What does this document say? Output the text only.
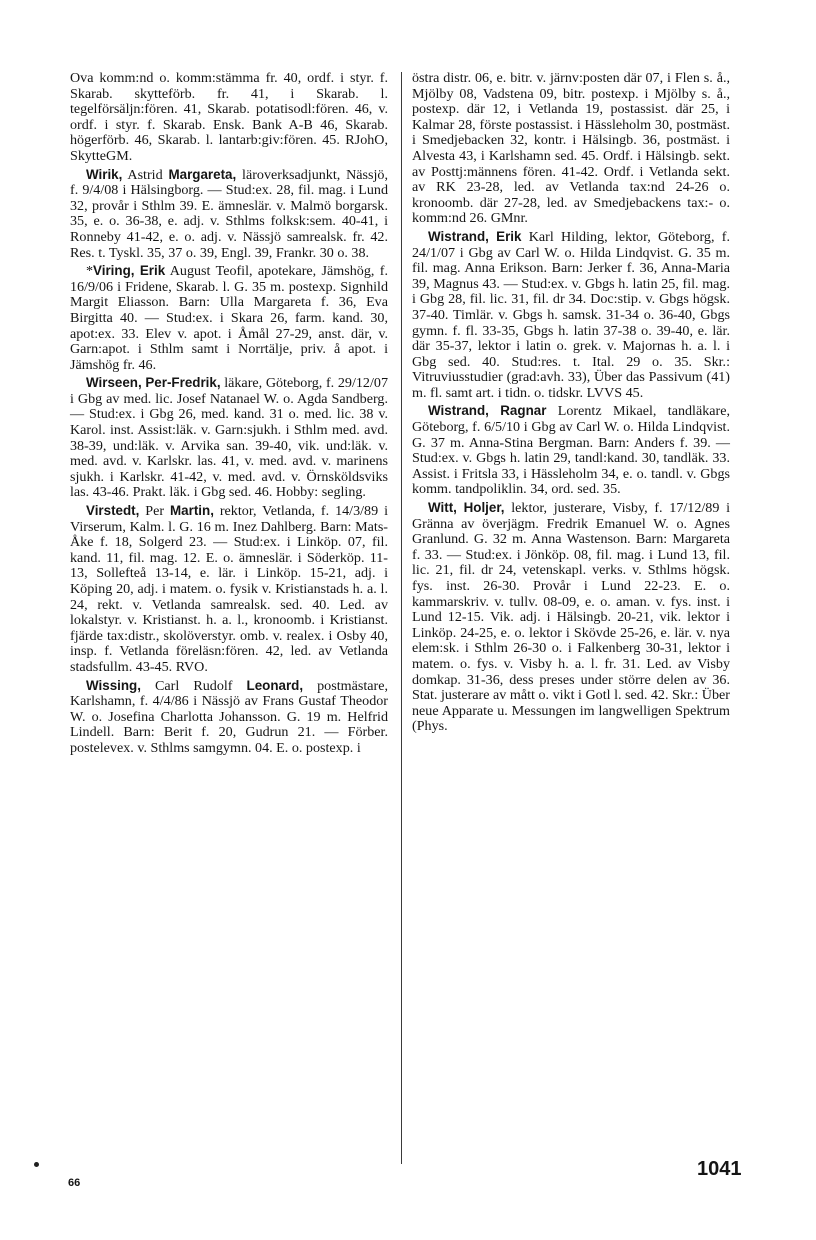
Ova komm:nd o. komm:stämma fr. 40, ordf. i styr. f. Skarab. skytteförb. fr. 41, i Skarab. l. tegelförsäljn:fören. 41, Skarab. potatisodl:fören. 46, v. ordf. i styr. f. Skarab. Ensk. Bank A-B 46, Skarab. högerförb. 46, Skarab. l. lantarb:giv:fören. 45. RJohO, SkytteGM.

Wirik, Astrid Margareta, läroverksadjunkt, Nässjö, f. 9/4/08 i Hälsingborg. — Stud:ex. 28, fil. mag. i Lund 32, provår i Sthlm 39. E. ämneslär. v. Malmö borgarsk. 35, e. o. 36-38, e. adj. v. Sthlms folksk:sem. 40-41, i Ronneby 41-42, e. o. adj. v. Nässjö samrealsk. fr. 42. Res. t. Tyskl. 35, 37 o. 39, Engl. 39, Frankr. 30 o. 38.

*Viring, Erik August Teofil, apotekare, Jämshög, f. 16/9/06 i Fridene, Skarab. l. G. 35 m. postexp. Signhild Margit Eliasson. Barn: Ulla Margareta f. 36, Eva Birgitta 40. — Stud:ex. i Skara 26, farm. kand. 30, apot:ex. 33. Elev v. apot. i Åmål 27-29, anst. där, v. Garn:apot. i Sthlm samt i Norrtälje, priv. å apot. i Jämshög fr. 46.

Wirseen, Per-Fredrik, läkare, Göteborg, f. 29/12/07 i Gbg av med. lic. Josef Natanael W. o. Agda Sandberg. — Stud:ex. i Gbg 26, med. kand. 31 o. med. lic. 38 v. Karol. inst. Assist:läk. v. Garn:sjukh. i Sthlm med. avd. 38-39, und:läk. v. Arvika san. 39-40, vik. und:läk. v. med. avd. v. Karlskr. las. 41, v. med. avd. v. marinens sjukh. i Karlskr. 41-42, v. med. avd. v. Örnsköldsviks las. 43-46. Prakt. läk. i Gbg sed. 46. Hobby: segling.

Virstedt, Per Martin, rektor, Vetlanda, f. 14/3/89 i Virserum, Kalm. l. G. 16 m. Inez Dahlberg. Barn: Mats-Åke f. 18, Solgerd 23. — Stud:ex. i Linköp. 07, fil. kand. 11, fil. mag. 12. E. o. ämneslär. i Söderköp. 11-13, Sollefteå 13-14, e. lär. i Linköp. 15-21, adj. i Köping 20, adj. i matem. o. fysik v. Kristianstads h. a. l. 24, rekt. v. Vetlanda samrealsk. sed. 40. Led. av lokalstyr. v. Kristianst. h. a. l., kronoomb. i Kristianst. fjärde tax:distr., skolöverstyr. omb. v. realex. i Osby 40, insp. f. Vetlanda föreläsn:fören. 42, led. av Vetlanda stadsfullm. 43-45. RVO.

Wissing, Carl Rudolf Leonard, postmästare, Karlshamn, f. 4/4/86 i Nässjö av Frans Gustaf Theodor W. o. Josefina Charlotta Johansson. G. 19 m. Helfrid Lindell. Barn: Berit f. 20, Gudrun 21. — Förber. postelevex. v. Sthlms samgymn. 04. E. o. postexp. i

östra distr. 06, e. bitr. v. järnv:posten där 07, i Flen s. å., Mjölby 08, Vadstena 09, bitr. postexp. i Mjölby s. å., postexp. där 12, i Vetlanda 19, postassist. där 25, i Kalmar 28, förste postassist. i Hässleholm 30, postmäst. i Smedjebacken 32, kontr. i Hälsingb. 36, postmäst. i Alvesta 43, i Karlshamn sed. 45. Ordf. i Hälsingb. sekt. av Posttj:männens fören. 41-42. Ordf. i Vetlanda sekt. av RK 23-28, led. av Vetlanda tax:nd 24-26 o. kronoomb. där 27-28, led. av Smedjebackens tax:- o. komm:nd 26. GMnr.

Wistrand, Erik Karl Hilding, lektor, Göteborg, f. 24/1/07 i Gbg av Carl W. o. Hilda Lindqvist. G. 35 m. fil. mag. Anna Erikson. Barn: Jerker f. 36, Anna-Maria 39, Magnus 43. — Stud:ex. v. Gbgs h. latin 25, fil. mag. i Gbg 28, fil. lic. 31, fil. dr 34. Doc:stip. v. Gbgs högsk. 37-40. Timlär. v. Gbgs h. samsk. 31-34 o. 36-40, Gbgs gymn. f. fl. 33-35, Gbgs h. latin 37-38 o. 39-40, e. lär. där 35-37, lektor i latin o. grek. v. Majornas h. a. l. i Gbg sed. 40. Stud:res. t. Ital. 29 o. 35. Skr.: Vitruviusstudier (grad:avh. 33), Über das Passivum (41) m. fl. samt art. i tidn. o. tidskr. LVVS 45.

Wistrand, Ragnar Lorentz Mikael, tandläkare, Göteborg, f. 6/5/10 i Gbg av Carl W. o. Hilda Lindqvist. G. 37 m. Anna-Stina Bergman. Barn: Anders f. 39. — Stud:ex. v. Gbgs h. latin 29, tandl:kand. 30, tandläk. 33. Assist. i Fritsla 33, i Hässleholm 34, e. o. tandl. v. Gbgs komm. tandpoliklin. 34, ord. sed. 35.

Witt, Holjer, lektor, justerare, Visby, f. 17/12/89 i Gränna av överjägm. Fredrik Emanuel W. o. Agnes Granlund. G. 32 m. Anna Wastenson. Barn: Margareta f. 33. — Stud:ex. i Jönköp. 08, fil. mag. i Lund 13, fil. lic. 21, fil. dr 24, vetenskapl. verks. v. Sthlms högsk. fys. inst. 26-30. Provår i Lund 22-23. E. o. kammarskriv. v. tullv. 08-09, e. o. aman. v. fys. inst. i Lund 12-15. Vik. adj. i Hälsingb. 20-21, vik. lektor i Linköp. 24-25, e. o. lektor i Skövde 25-26, e. lär. v. nya elem:sk. i Sthlm 26-30 o. i Falkenberg 30-31, lektor i matem. o. fys. v. Visby h. a. l. fr. 31. Led. av Visby domkap. 31-36, dess preses under större delen av 36. Stat. justerare av mått o. vikt i Gotl l. sed. 42. Skr.: Über neue Apparate u. Messungen im langwelligen Spektrum (Phys.

66
1041
